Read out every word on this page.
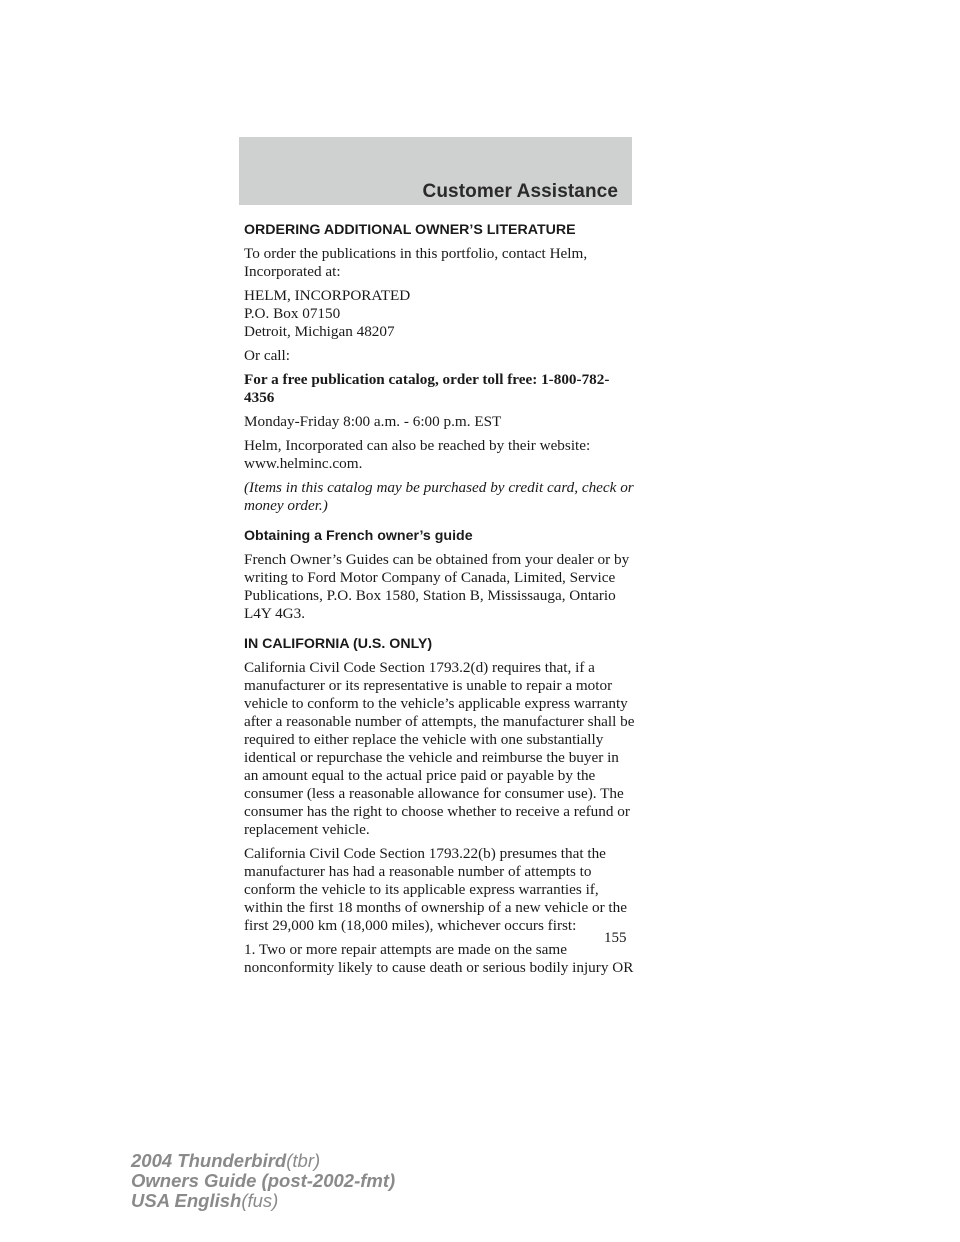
Customer Assistance
ORDERING ADDITIONAL OWNER’S LITERATURE

To order the publications in this portfolio, contact Helm, Incorporated at:

HELM, INCORPORATED
P.O. Box 07150
Detroit, Michigan 48207

Or call:

For a free publication catalog, order toll free: 1-800-782-4356

Monday-Friday 8:00 a.m. - 6:00 p.m. EST

Helm, Incorporated can also be reached by their website: www.helminc.com.

(Items in this catalog may be purchased by credit card, check or money order.)

Obtaining a French owner’s guide

French Owner’s Guides can be obtained from your dealer or by writing to Ford Motor Company of Canada, Limited, Service Publications, P.O. Box 1580, Station B, Mississauga, Ontario L4Y 4G3.

IN CALIFORNIA (U.S. ONLY)

California Civil Code Section 1793.2(d) requires that, if a manufacturer or its representative is unable to repair a motor vehicle to conform to the vehicle’s applicable express warranty after a reasonable number of attempts, the manufacturer shall be required to either replace the vehicle with one substantially identical or repurchase the vehicle and reimburse the buyer in an amount equal to the actual price paid or payable by the consumer (less a reasonable allowance for consumer use). The consumer has the right to choose whether to receive a refund or replacement vehicle.

California Civil Code Section 1793.22(b) presumes that the manufacturer has had a reasonable number of attempts to conform the vehicle to its applicable express warranties if, within the first 18 months of ownership of a new vehicle or the first 29,000 km (18,000 miles), whichever occurs first:

1. Two or more repair attempts are made on the same nonconformity likely to cause death or serious bodily injury OR

155
2004 Thunderbird(tbr)
Owners Guide (post-2002-fmt)
USA English(fus)
